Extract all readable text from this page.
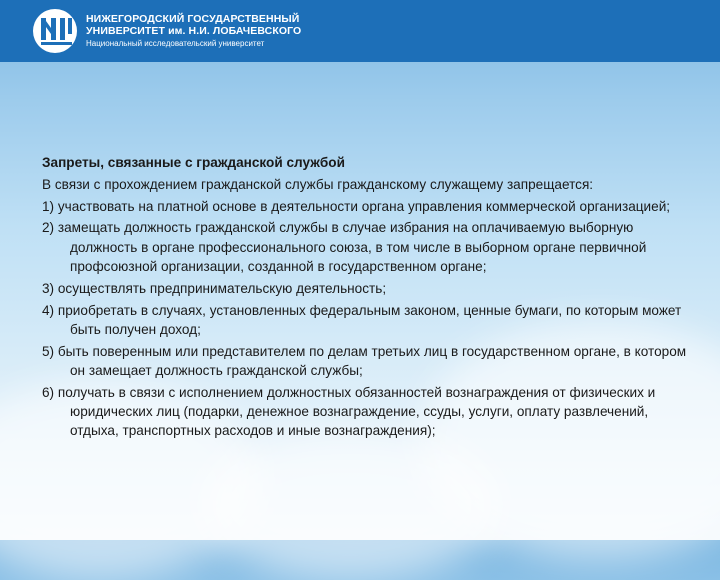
НИЖЕГОРОДСКИЙ ГОСУДАРСТВЕННЫЙ
УНИВЕРСИТЕТ им. Н.И. ЛОБАЧЕВСКОГО
Национальный исследовательский университет

Запреты, связанные с гражданской службой

В связи с прохождением гражданской службы гражданскому служащему запрещается:

1) участвовать на платной основе в деятельности органа управления коммерческой организацией;

2) замещать должность гражданской службы в случае избрания на оплачиваемую выборную должность в органе профессионального союза, в том числе в выборном органе первичной профсоюзной организации, созданной в государственном органе;

3) осуществлять предпринимательскую деятельность;

4) приобретать в случаях, установленных федеральным законом, ценные бумаги, по которым может быть получен доход;

5) быть поверенным или представителем по делам третьих лиц в государственном органе, в котором он замещает должность гражданской службы;

6) получать в связи с исполнением должностных обязанностей вознаграждения от физических и юридических лиц (подарки, денежное вознаграждение, ссуды, услуги, оплату развлечений, отдыха, транспортных расходов и иные вознаграждения);
